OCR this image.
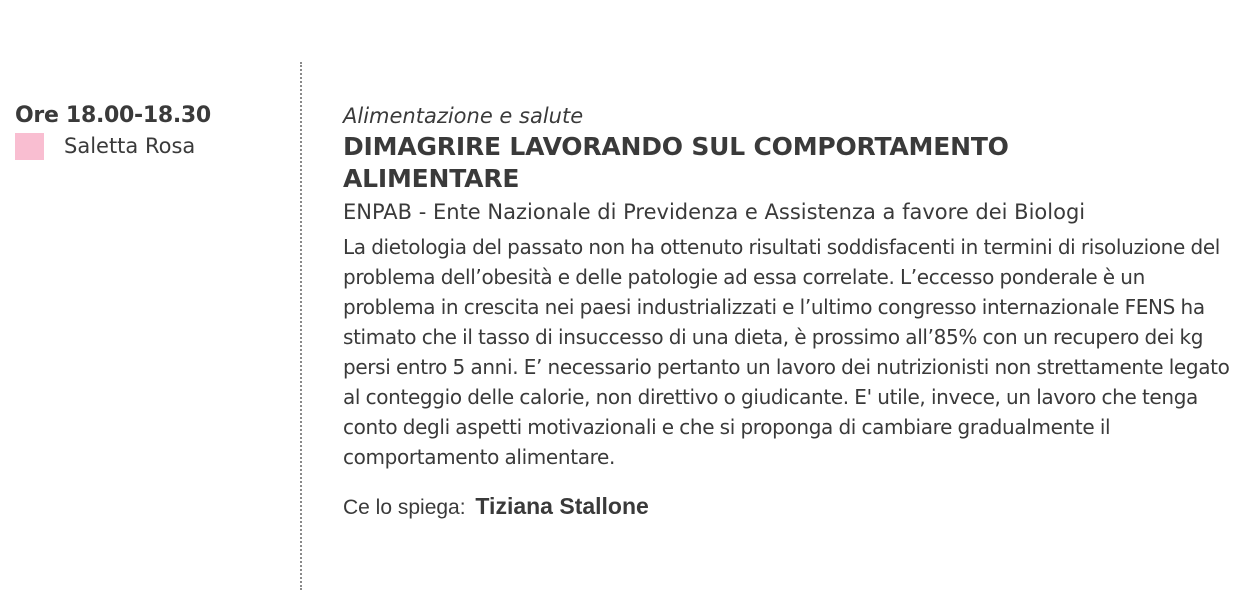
Ore 18.00-18.30
Saletta Rosa
Alimentazione e salute
DIMAGRIRE LAVORANDO SUL COMPORTAMENTO ALIMENTARE
ENPAB - Ente Nazionale di Previdenza e Assistenza a favore dei Biologi
La dietologia del passato non ha ottenuto risultati soddisfacenti in termini di risoluzione del problema dell’obesità e delle patologie ad essa correlate. L’eccesso ponderale è un problema in crescita nei paesi industrializzati e l’ultimo congresso internazionale FENS ha stimato che il tasso di insuccesso di una dieta, è prossimo all’85% con un recupero dei kg persi entro 5 anni. E’ necessario pertanto un lavoro dei nutrizionisti non strettamente legato al conteggio delle calorie, non direttivo o giudicante. E' utile, invece, un lavoro che tenga conto degli aspetti motivazionali e che si proponga di cambiare gradualmente il comportamento alimentare.
Ce lo spiega: Tiziana Stallone
